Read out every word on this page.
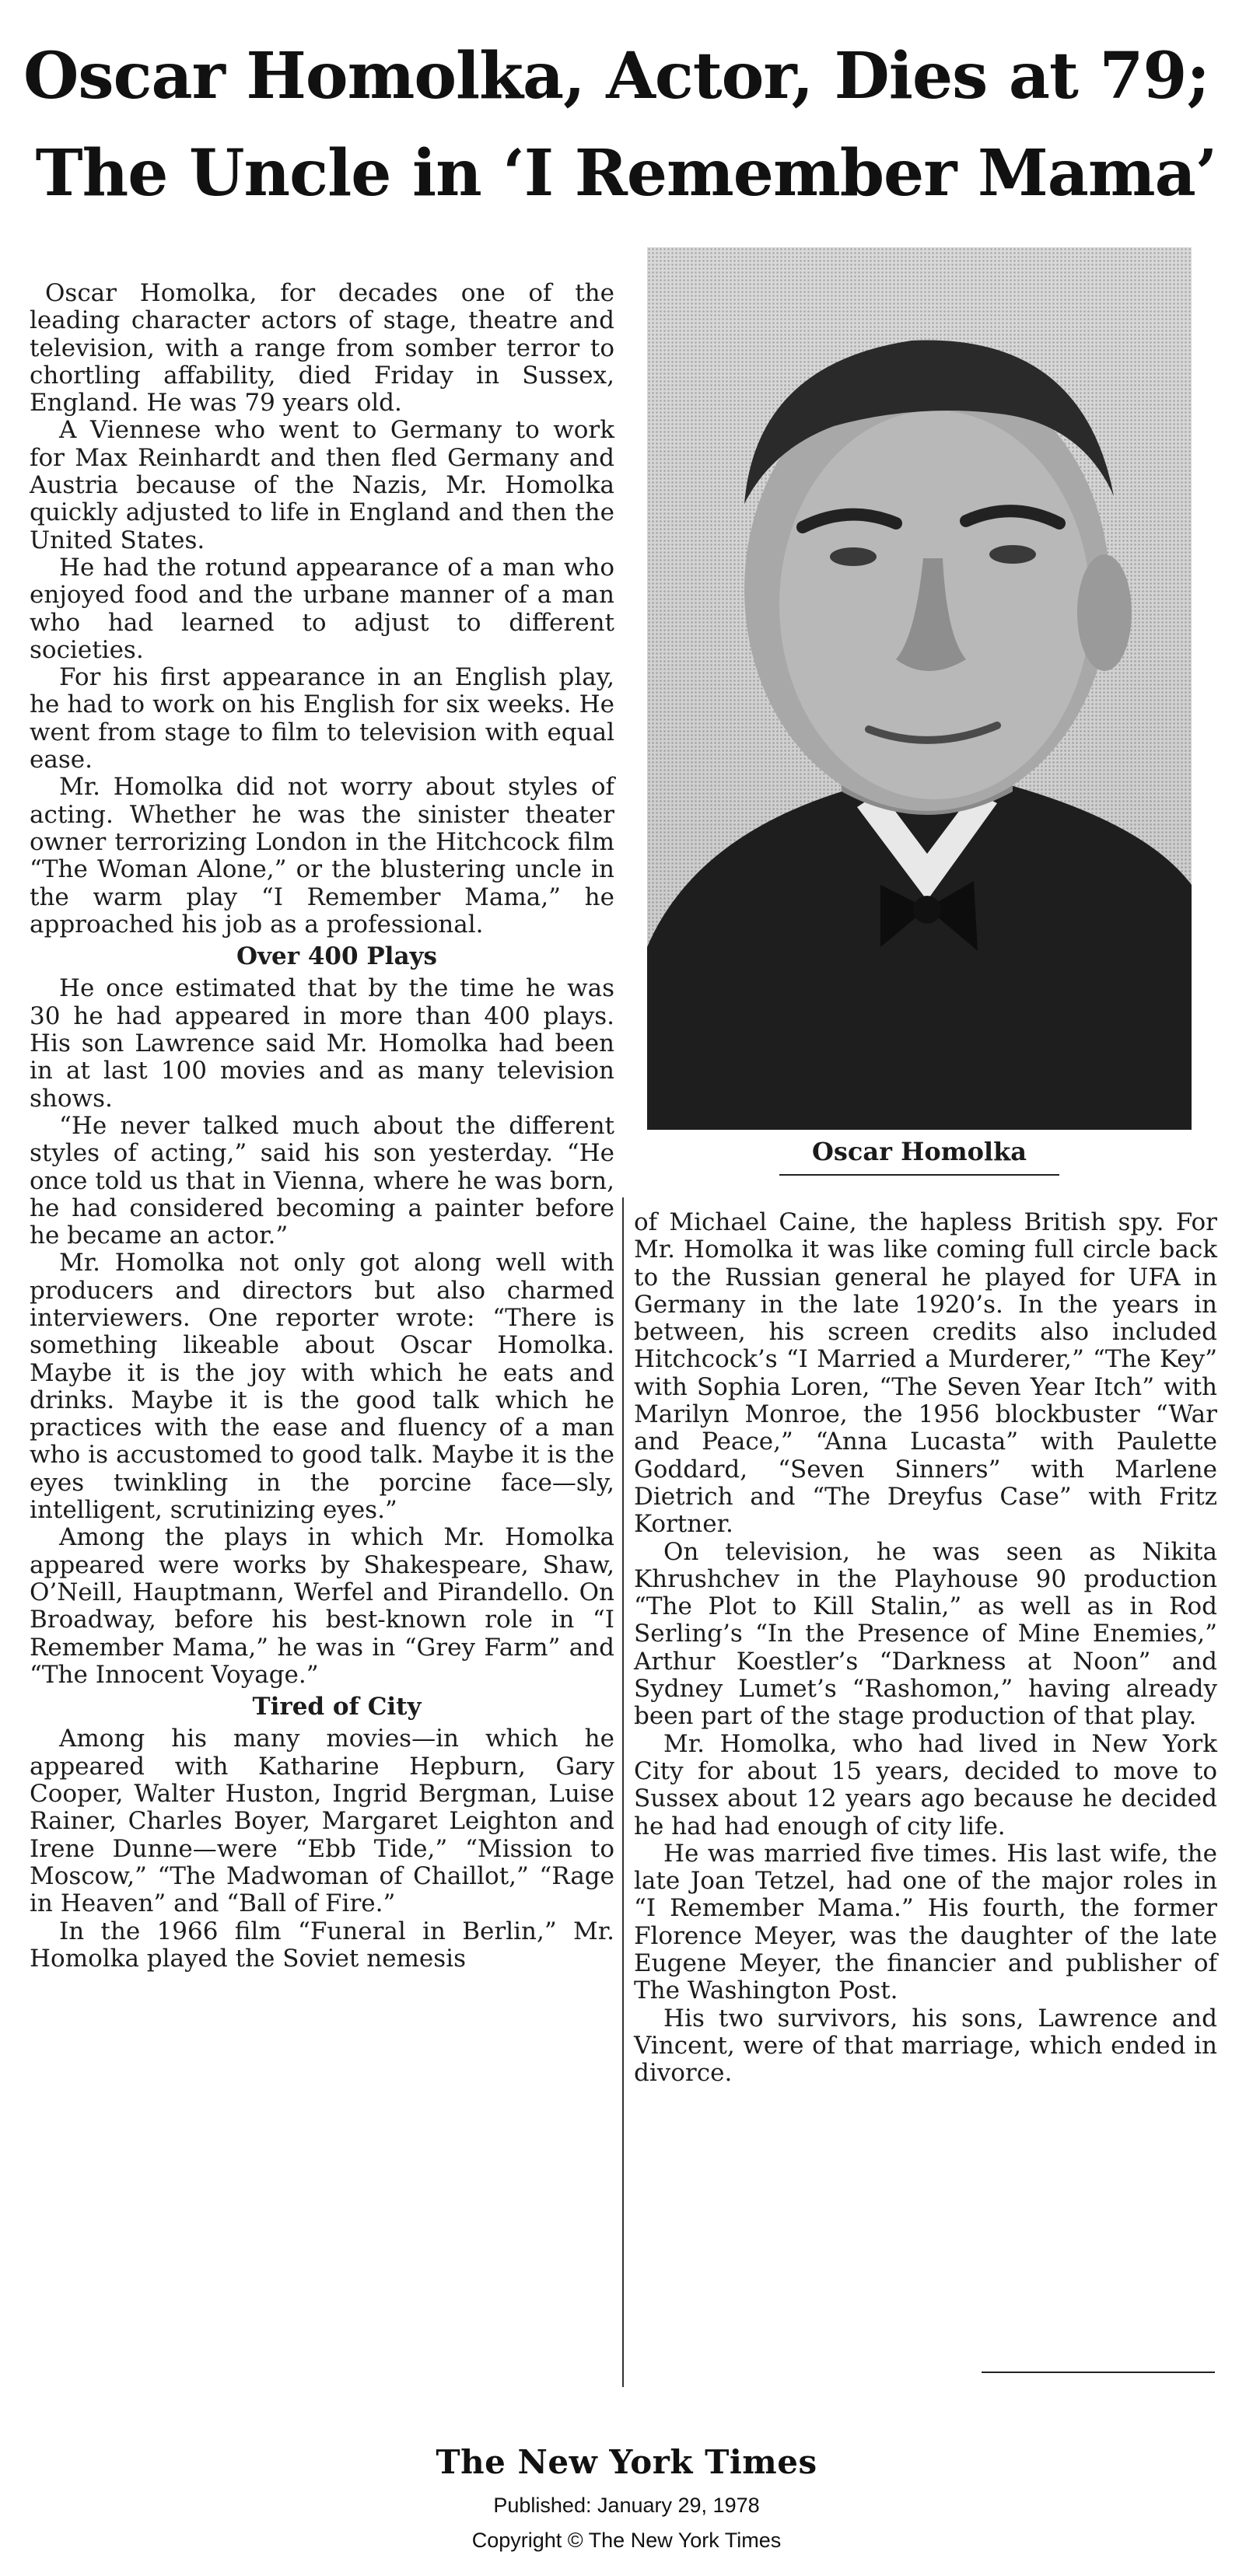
Oscar Homolka, Actor, Dies at 79;
The Uncle in ‘I Remember Mama’
Oscar Homolka

Oscar Homolka, for decades one of the leading character actors of stage, theatre and television, with a range from somber terror to chortling affability, died Friday in Sussex, England. He was 79 years old.

A Viennese who went to Germany to work for Max Reinhardt and then fled Germany and Austria because of the Nazis, Mr. Homolka quickly adjusted to life in England and then the United States.

He had the rotund appearance of a man who enjoyed food and the urbane manner of a man who had learned to adjust to different societies.

For his first appearance in an English play, he had to work on his English for six weeks. He went from stage to film to television with equal ease.

Mr. Homolka did not worry about styles of acting. Whether he was the sinister theater owner terrorizing London in the Hitchcock film “The Woman Alone,” or the blustering uncle in the warm play “I Remember Mama,” he approached his job as a professional.

Over 400 Plays

He once estimated that by the time he was 30 he had appeared in more than 400 plays. His son Lawrence said Mr. Homolka had been in at last 100 movies and as many television shows.

“He never talked much about the different styles of acting,” said his son yesterday. “He once told us that in Vienna, where he was born, he had considered becoming a painter before he became an actor.”

Mr. Homolka not only got along well with producers and directors but also charmed interviewers. One reporter wrote: “There is something likeable about Oscar Homolka. Maybe it is the joy with which he eats and drinks. Maybe it is the good talk which he practices with the ease and fluency of a man who is accustomed to good talk. Maybe it is the eyes twinkling in the porcine face—sly, intelligent, scrutinizing eyes.”

Among the plays in which Mr. Homolka appeared were works by Shakespeare, Shaw, O’Neill, Hauptmann, Werfel and Pirandello. On Broadway, before his best-known role in “I Remember Mama,” he was in “Grey Farm” and “The Innocent Voyage.”

Tired of City

Among his many movies—in which he appeared with Katharine Hepburn, Gary Cooper, Walter Huston, Ingrid Bergman, Luise Rainer, Charles Boyer, Margaret Leighton and Irene Dunne—were “Ebb Tide,” “Mission to Moscow,” “The Madwoman of Chaillot,” “Rage in Heaven” and “Ball of Fire.”

In the 1966 film “Funeral in Berlin,” Mr. Homolka played the Soviet nemesis

of Michael Caine, the hapless British spy. For Mr. Homolka it was like coming full circle back to the Russian general he played for UFA in Germany in the late 1920’s. In the years in between, his screen credits also included Hitchcock’s “I Married a Murderer,” “The Key” with Sophia Loren, “The Seven Year Itch” with Marilyn Monroe, the 1956 blockbuster “War and Peace,” “Anna Lucasta” with Paulette Goddard, “Seven Sinners” with Marlene Dietrich and “The Dreyfus Case” with Fritz Kortner.

On television, he was seen as Nikita Khrushchev in the Playhouse 90 production “The Plot to Kill Stalin,” as well as in Rod Serling’s “In the Presence of Mine Enemies,” Arthur Koestler’s “Darkness at Noon” and Sydney Lumet’s “Rashomon,” having already been part of the stage production of that play.

Mr. Homolka, who had lived in New York City for about 15 years, decided to move to Sussex about 12 years ago because he decided he had had enough of city life.

He was married five times. His last wife, the late Joan Tetzel, had one of the major roles in “I Remember Mama.” His fourth, the former Florence Meyer, was the daughter of the late Eugene Meyer, the financier and publisher of The Washington Post.

His two survivors, his sons, Lawrence and Vincent, were of that marriage, which ended in divorce.

The New York Times
Published: January 29, 1978
Copyright © The New York Times
